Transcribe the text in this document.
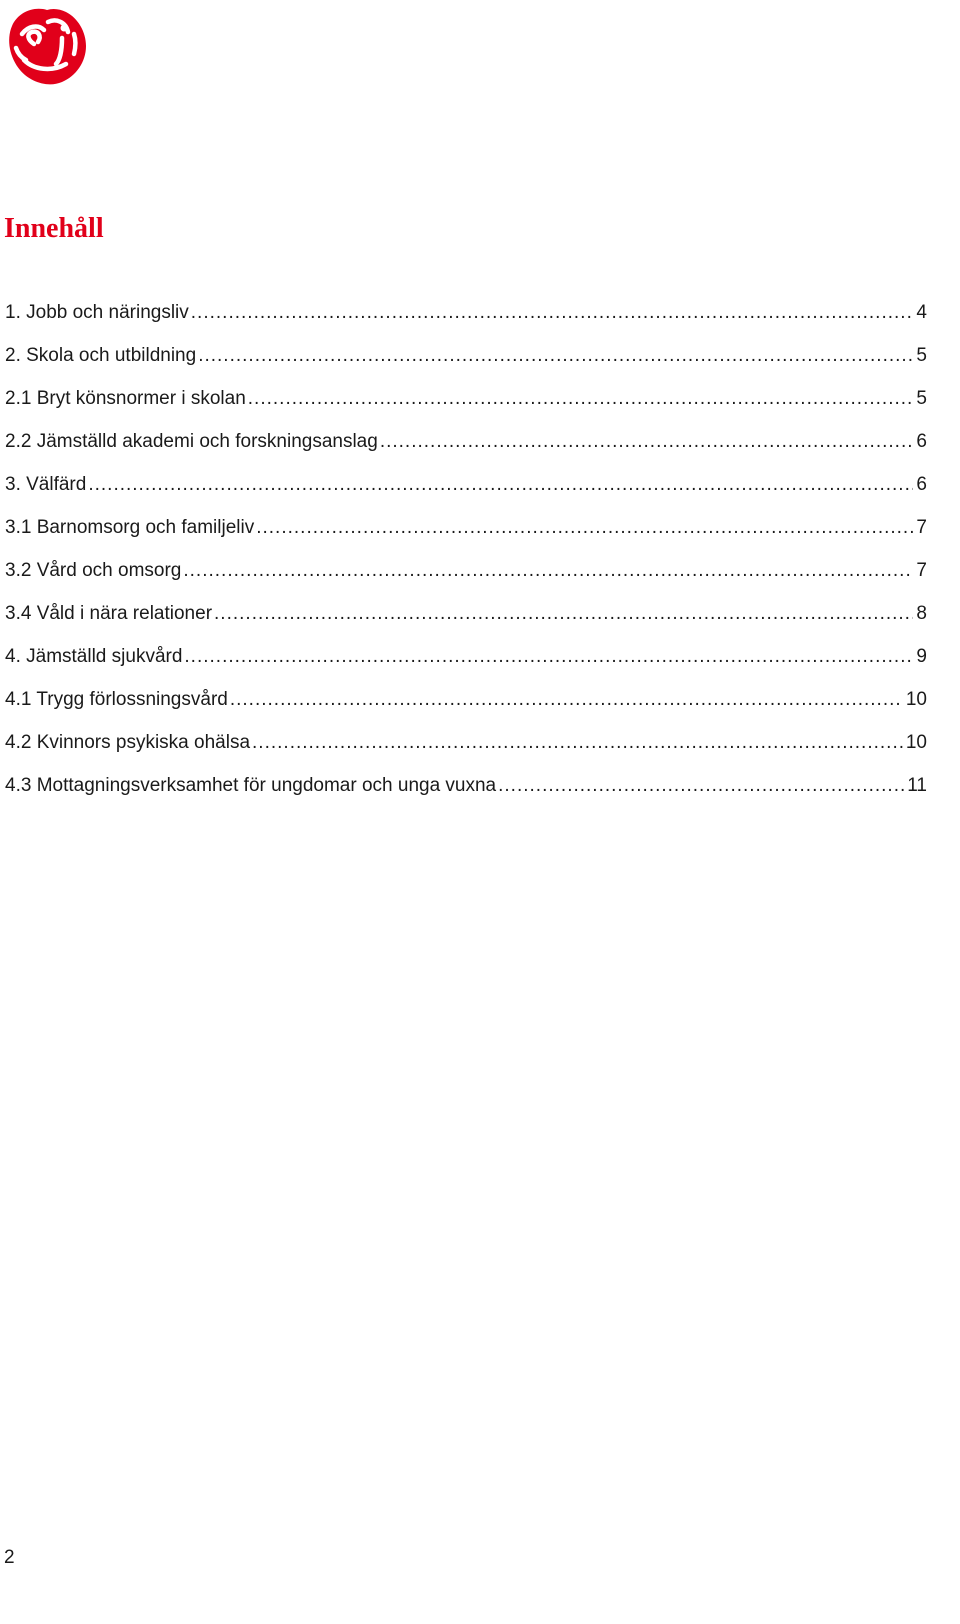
Innehåll
1. Jobb och näringsliv .....	4
2. Skola och utbildning .....	5
2.1 Bryt könsnormer i skolan .....	5
2.2 Jämställd akademi och forskningsanslag .....	6
3. Välfärd .....	6
3.1 Barnomsorg och familjeliv .....	7
3.2 Vård och omsorg .....	7
3.4 Våld i nära relationer .....	8
4. Jämställd sjukvård .....	9
4.1 Trygg förlossningsvård .....	10
4.2 Kvinnors psykiska ohälsa .....	10
4.3 Mottagningsverksamhet för ungdomar och unga vuxna .....	11
2
